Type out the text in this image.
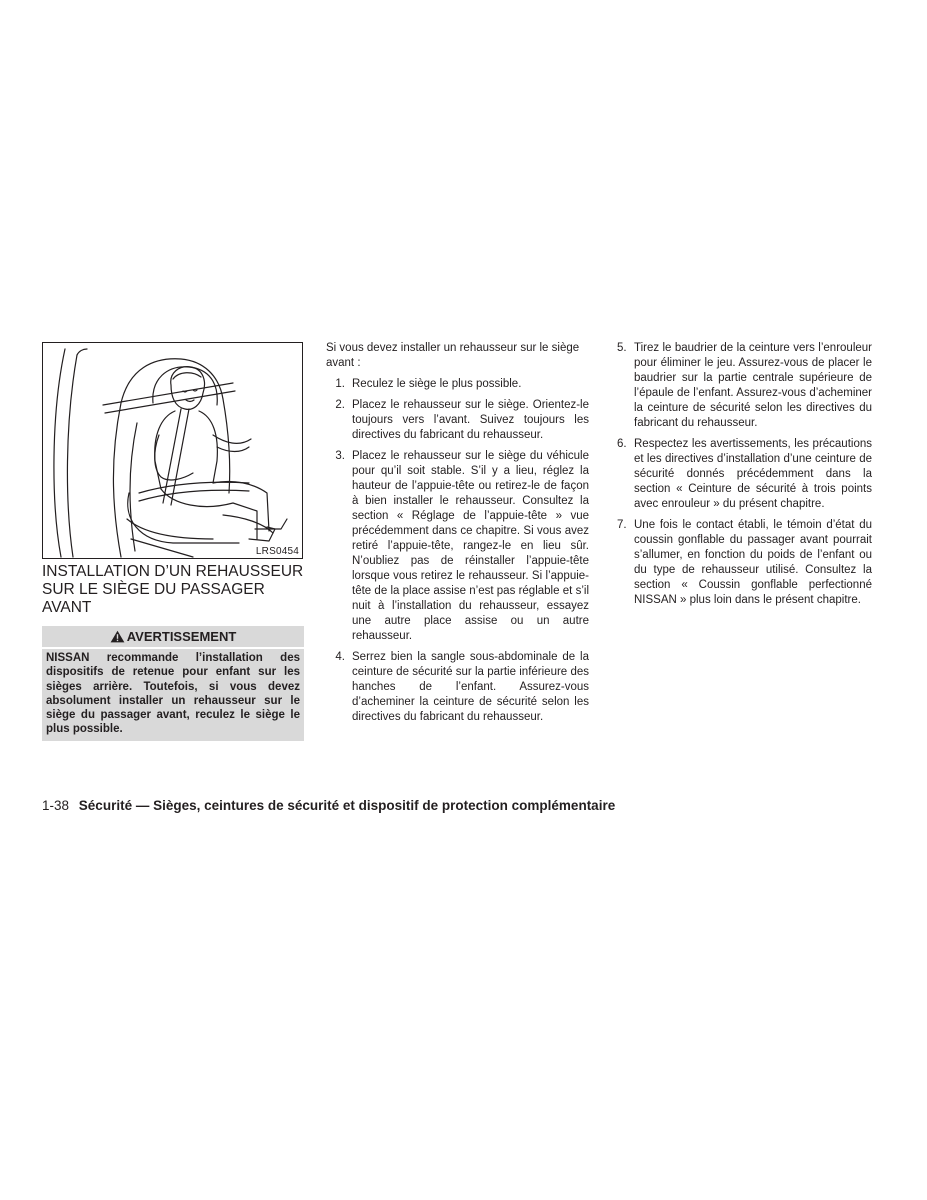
LRS0454
INSTALLATION D’UN REHAUSSEUR
SUR LE SIÈGE DU PASSAGER
AVANT
AVERTISSEMENT

NISSAN recommande l’installation des dispositifs de retenue pour enfant sur les sièges arrière. Toutefois, si vous devez absolument installer un rehausseur sur le siège du passager avant, reculez le siège le plus possible.

Si vous devez installer un rehausseur sur le siège avant :

1. Reculez le siège le plus possible.
2. Placez le rehausseur sur le siège. Orientez-le toujours vers l’avant. Suivez toujours les directives du fabricant du rehausseur.
3. Placez le rehausseur sur le siège du véhicule pour qu’il soit stable. S’il y a lieu, réglez la hauteur de l’appuie-tête ou retirez-le de façon à bien installer le rehausseur. Consultez la section « Réglage de l’appuie-tête » vue précédemment dans ce chapitre. Si vous avez retiré l’appuie-tête, rangez-le en lieu sûr. N’oubliez pas de réinstaller l’appuie-tête lorsque vous retirez le rehausseur. Si l’appuie-tête de la place assise n’est pas réglable et s’il nuit à l’installation du rehausseur, essayez une autre place assise ou un autre rehausseur.
4. Serrez bien la sangle sous-abdominale de la ceinture de sécurité sur la partie inférieure des hanches de l’enfant. Assurez-vous d’acheminer la ceinture de sécurité selon les directives du fabricant du rehausseur.
5. Tirez le baudrier de la ceinture vers l’enrouleur pour éliminer le jeu. Assurez-vous de placer le baudrier sur la partie centrale supérieure de l’épaule de l’enfant. Assurez-vous d’acheminer la ceinture de sécurité selon les directives du fabricant du rehausseur.
6. Respectez les avertissements, les précautions et les directives d’installation d’une ceinture de sécurité donnés précédemment dans la section « Ceinture de sécurité à trois points avec enrouleur » du présent chapitre.
7. Une fois le contact établi, le témoin d’état du coussin gonflable du passager avant pourrait s’allumer, en fonction du poids de l’enfant ou du type de rehausseur utilisé. Consultez la section « Coussin gonflable perfectionné NISSAN » plus loin dans le présent chapitre.
1-38 Sécurité — Sièges, ceintures de sécurité et dispositif de protection complémentaire
